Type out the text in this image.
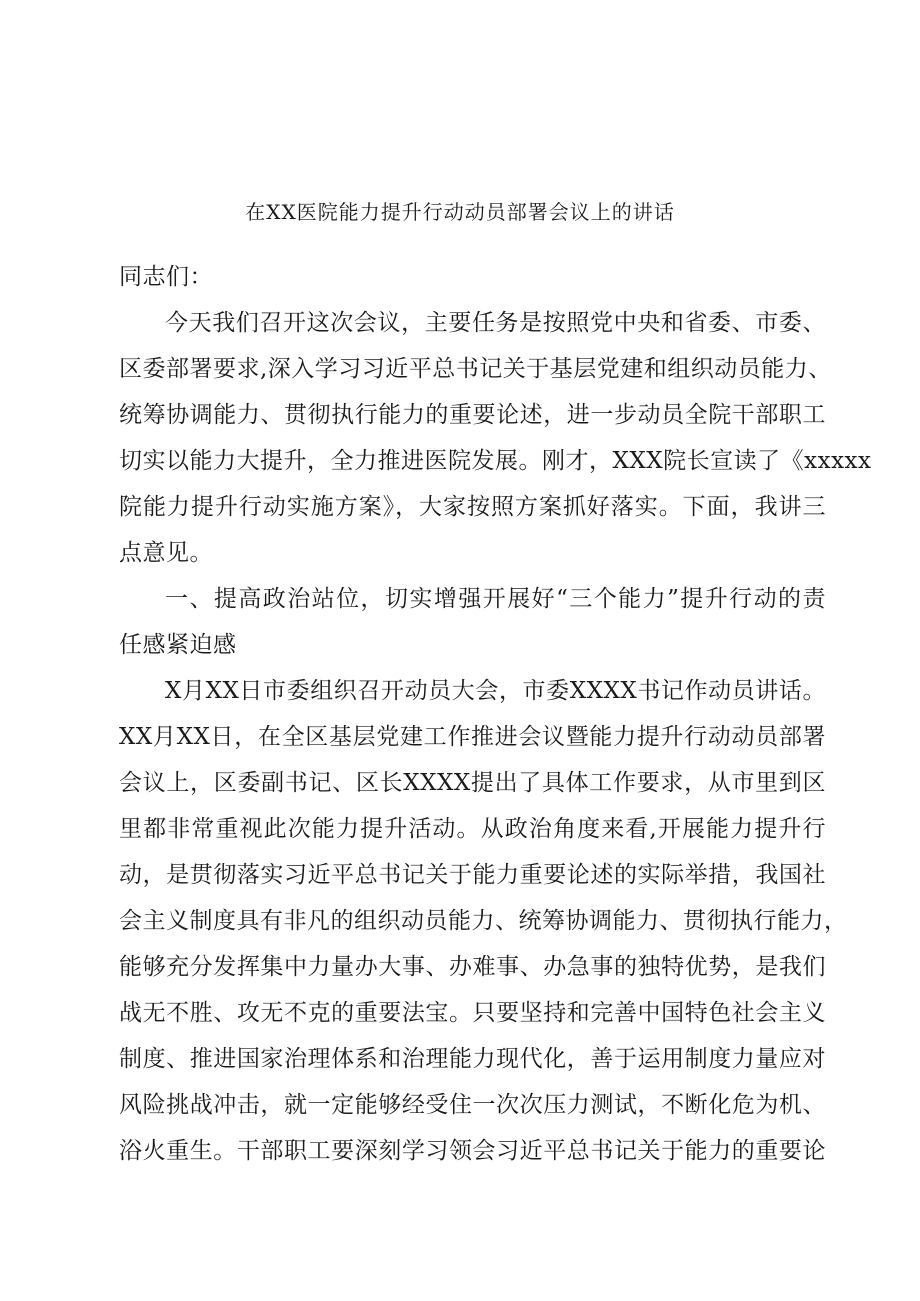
在XX医院能力提升行动动员部署会议上的讲话
同志们：
今天我们召开这次会议，主要任务是按照党中央和省委、市委、
区委部署要求,深入学习习近平总书记关于基层党建和组织动员能力、
统筹协调能力、贯彻执行能力的重要论述，进一步动员全院干部职工
切实以能力大提升，全力推进医院发展。刚才，XXX院长宣读了《xxxxx
院能力提升行动实施方案》，大家按照方案抓好落实。下面，我讲三
点意见。
一、提高政治站位，切实增强开展好“三个能力”提升行动的责
任感紧迫感
X月XX日市委组织召开动员大会，市委XXXX书记作动员讲话。
XX月XX日，在全区基层党建工作推进会议暨能力提升行动动员部署
会议上，区委副书记、区长XXXX提出了具体工作要求，从市里到区
里都非常重视此次能力提升活动。从政治角度来看,开展能力提升行
动，是贯彻落实习近平总书记关于能力重要论述的实际举措，我国社
会主义制度具有非凡的组织动员能力、统筹协调能力、贯彻执行能力，
能够充分发挥集中力量办大事、办难事、办急事的独特优势，是我们
战无不胜、攻无不克的重要法宝。只要坚持和完善中国特色社会主义
制度、推进国家治理体系和治理能力现代化，善于运用制度力量应对
风险挑战冲击，就一定能够经受住一次次压力测试，不断化危为机、
浴火重生。干部职工要深刻学习领会习近平总书记关于能力的重要论
